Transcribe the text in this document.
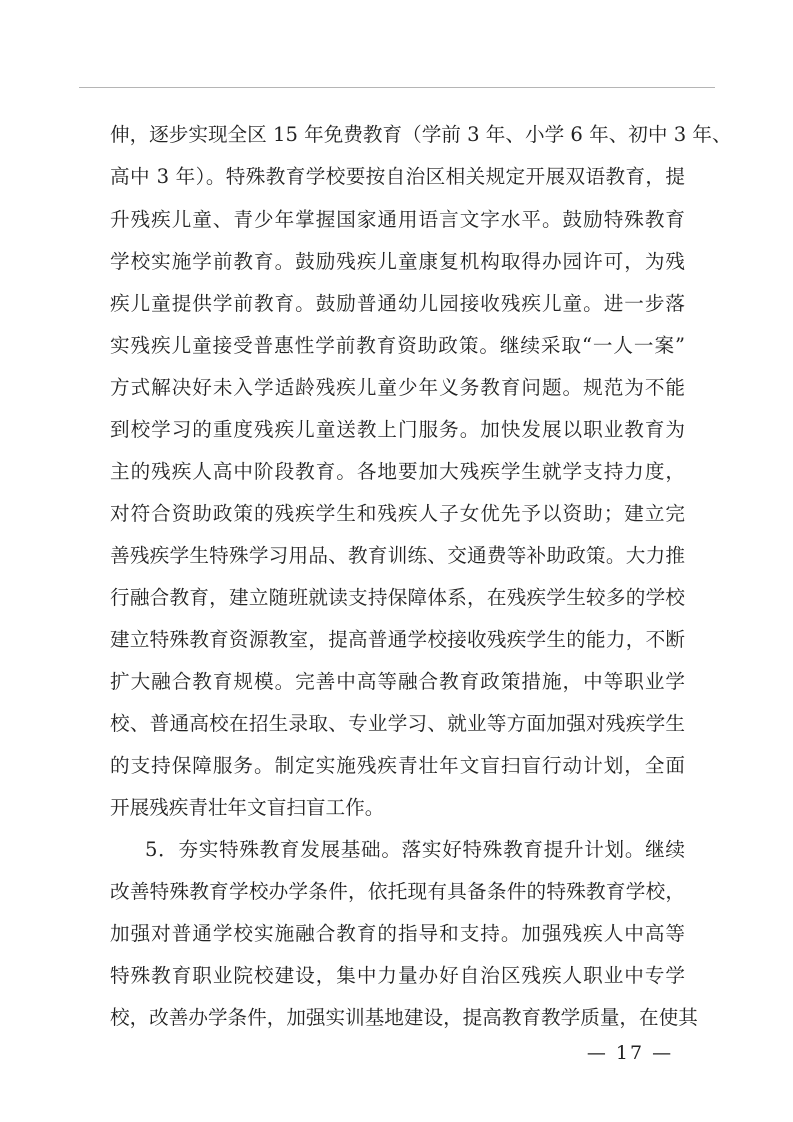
伸，逐步实现全区 15 年免费教育（学前 3 年、小学 6 年、初中 3 年、
高中 3 年）。特殊教育学校要按自治区相关规定开展双语教育，提
升残疾儿童、青少年掌握国家通用语言文字水平。鼓励特殊教育
学校实施学前教育。鼓励残疾儿童康复机构取得办园许可，为残
疾儿童提供学前教育。鼓励普通幼儿园接收残疾儿童。进一步落
实残疾儿童接受普惠性学前教育资助政策。继续采取“一人一案”
方式解决好未入学适龄残疾儿童少年义务教育问题。规范为不能
到校学习的重度残疾儿童送教上门服务。加快发展以职业教育为
主的残疾人高中阶段教育。各地要加大残疾学生就学支持力度，
对符合资助政策的残疾学生和残疾人子女优先予以资助；建立完
善残疾学生特殊学习用品、教育训练、交通费等补助政策。大力推
行融合教育，建立随班就读支持保障体系，在残疾学生较多的学校
建立特殊教育资源教室，提高普通学校接收残疾学生的能力，不断
扩大融合教育规模。完善中高等融合教育政策措施，中等职业学
校、普通高校在招生录取、专业学习、就业等方面加强对残疾学生
的支持保障服务。制定实施残疾青壮年文盲扫盲行动计划，全面
开展残疾青壮年文盲扫盲工作。
5．夯实特殊教育发展基础。落实好特殊教育提升计划。继续
改善特殊教育学校办学条件，依托现有具备条件的特殊教育学校，
加强对普通学校实施融合教育的指导和支持。加强残疾人中高等
特殊教育职业院校建设，集中力量办好自治区残疾人职业中专学
校，改善办学条件，加强实训基地建设，提高教育教学质量，在使其
— 17 —
